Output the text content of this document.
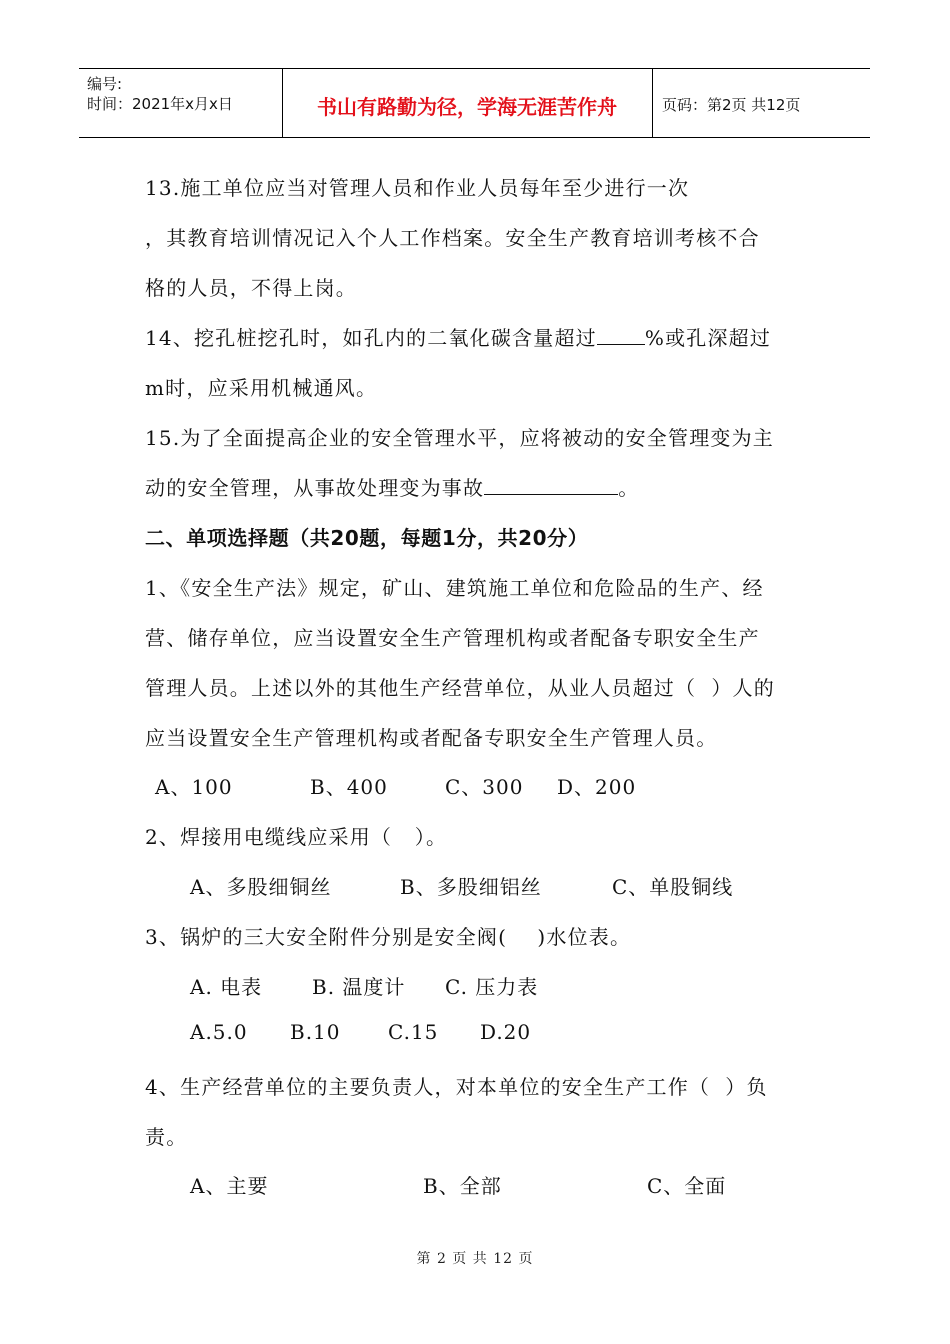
编号:
时间：2021年x月x日	书山有路勤为径，学海无涯苦作舟	页码：第2页 共12页
13.施工单位应当对管理人员和作业人员每年至少进行一次
，其教育培训情况记入个人工作档案。安全生产教育培训考核不合
格的人员，不得上岗。
14、挖孔桩挖孔时，如孔内的二氧化碳含量超过 %或孔深超过
m时，应采用机械通风。
15.为了全面提高企业的安全管理水平，应将被动的安全管理变为主
动的安全管理，从事故处理变为事故	。
二、单项选择题（共20题，每题1分，共20分）
1、《安全生产法》规定，矿山、建筑施工单位和危险品的生产、经
营、储存单位，应当设置安全生产管理机构或者配备专职安全生产
管理人员。上述以外的其他生产经营单位，从业人员超过（  ）人的
应当设置安全生产管理机构或者配备专职安全生产管理人员。
A、100	B、400	C、300 D、200
2、焊接用电缆线应采用（   ）。
A、多股细铜丝	B、多股细铝丝	C、单股铜线
3、锅炉的三大安全附件分别是安全阀(    )水位表。
A. 电表 B. 温度计 C. 压力表
A.5.0 B.10 C.15 D.20
4、生产经营单位的主要负责人，对本单位的安全生产工作（  ）负
责。
A、主要	B、全部	C、全面
第 2 页 共 12 页
